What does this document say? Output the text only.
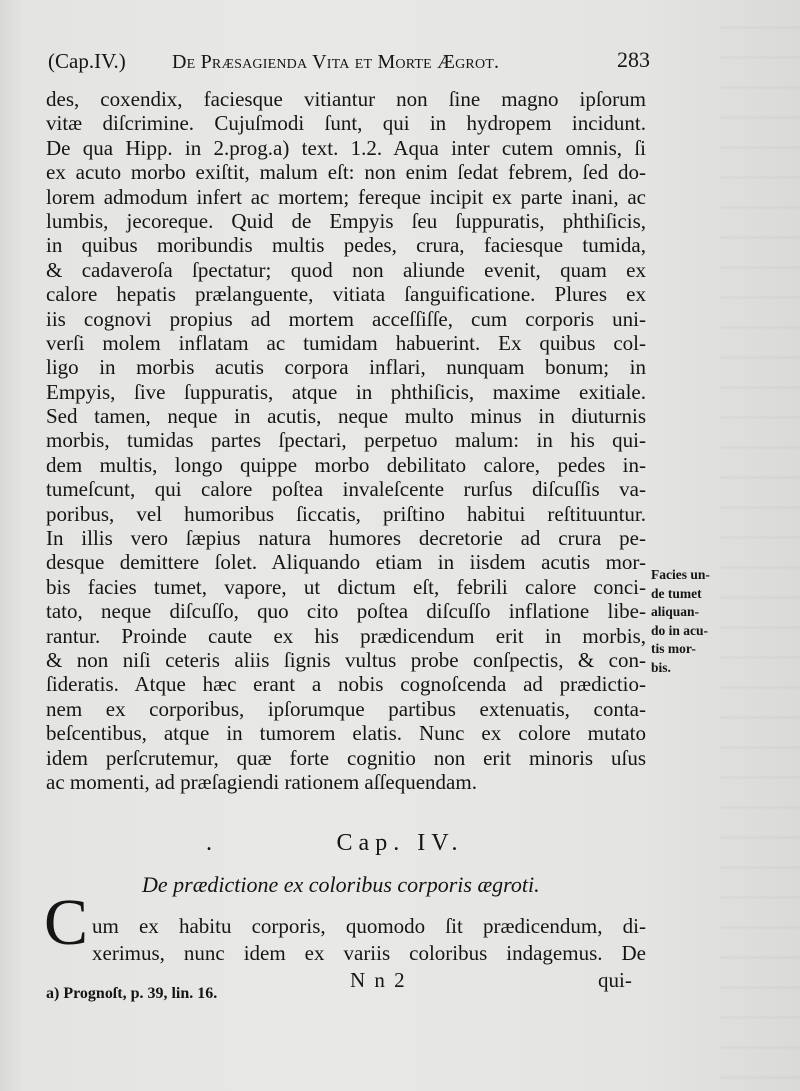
(Cap.IV.) De Præsagienda Vita et Morte Ægrot.	283
des, coxendix, faciesque vitiantur non ſine magno ipſorum
vitæ diſcrimine. Cujuſmodi ſunt, qui in hydropem incidunt.
De qua Hipp. in 2.prog.a) text. 1.2. Aqua inter cutem omnis, ſi
ex acuto morbo exiſtit, malum eſt: non enim ſedat febrem, ſed do-
lorem admodum infert ac mortem; fereque incipit ex parte inani, ac
lumbis, jecoreque. Quid de Empyis ſeu ſuppuratis, phthiſicis,
in quibus moribundis multis pedes, crura, faciesque tumida,
& cadaveroſa ſpectatur; quod non aliunde evenit, quam ex
calore hepatis prælanguente, vitiata ſanguificatione. Plures ex
iis cognovi propius ad mortem acceſſiſſe, cum corporis uni-
verſi molem inflatam ac tumidam habuerint. Ex quibus col-
ligo in morbis acutis corpora inflari, nunquam bonum; in
Empyis, ſive ſuppuratis, atque in phthiſicis, maxime exitiale.
Sed tamen, neque in acutis, neque multo minus in diuturnis
morbis, tumidas partes ſpectari, perpetuo malum: in his qui-
dem multis, longo quippe morbo debilitato calore, pedes in-
tumeſcunt, qui calore poſtea invaleſcente rurſus diſcuſſis va-
poribus, vel humoribus ſiccatis, priſtino habitui reſtituuntur.
In illis vero ſæpius natura humores decretorie ad crura pe-
desque demittere ſolet. Aliquando etiam in iisdem acutis mor-
bis facies tumet, vapore, ut dictum eſt, febrili calore conci-
tato, neque diſcuſſo, quo cito poſtea diſcuſſo inflatione libe-
rantur. Proinde caute ex his prædicendum erit in morbis,
& non niſi ceteris aliis ſignis vultus probe conſpectis, & con-
ſideratis. Atque hæc erant a nobis cognoſcenda ad prædictio-
nem ex corporibus, ipſorumque partibus extenuatis, conta-
beſcentibus, atque in tumorem elatis. Nunc ex colore mutato
idem perſcrutemur, quæ forte cognitio non erit minoris uſus
ac momenti, ad præſagiendi rationem aſſequendam.
Facies un-
de tumet
aliquan-
do in acu-
tis mor-
bis.
.	Cap. IV.
De prædictione ex coloribus corporis ægroti.
C um ex habitu corporis, quomodo ſit prædicendum, di-
xerimus, nunc idem ex variis coloribus indagemus. De
N n 2	qui-
a) Prognoſt, p. 39, lin. 16.
